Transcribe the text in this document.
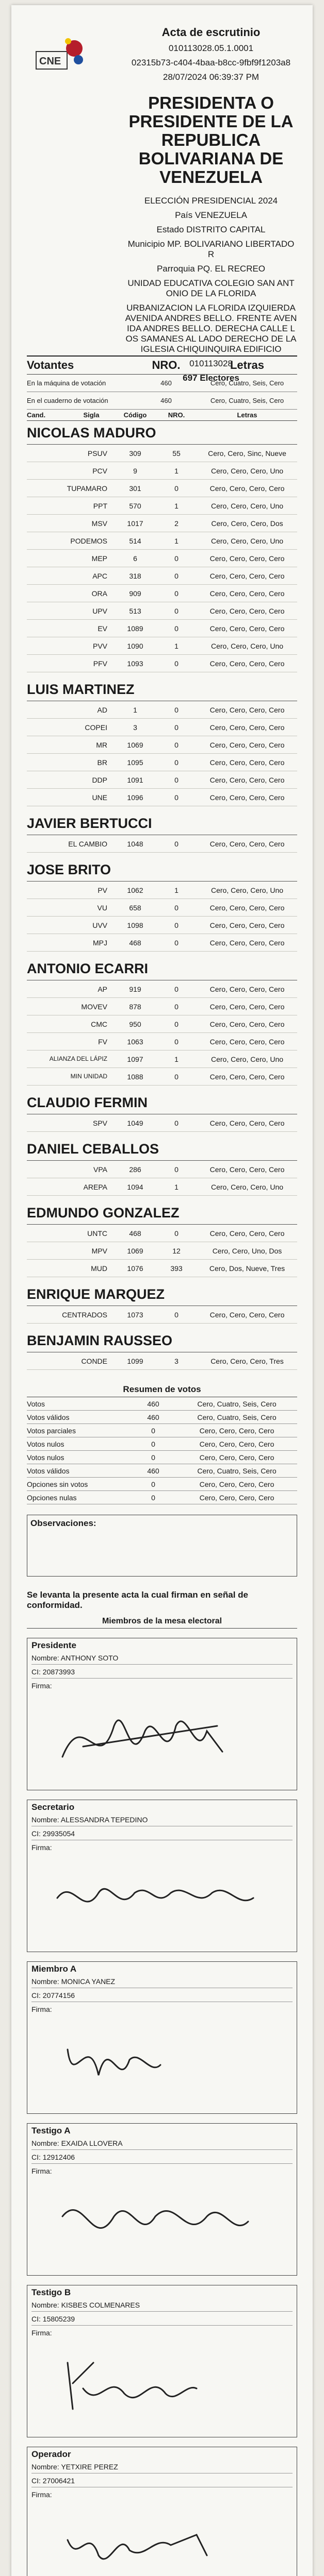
CNE
Acta de escrutinio
010113028.05.1.0001
02315b73-c404-4baa-b8cc-9fbf9f1203a8
28/07/2024 06:39:37 PM
PRESIDENTA O PRESIDENTE DE LA REPUBLICA BOLIVARIANA DE VENEZUELA
ELECCIÓN PRESIDENCIAL 2024
País VENEZUELA
Estado DISTRITO CAPITAL
Municipio MP. BOLIVARIANO LIBERTADOR
Parroquia PQ. EL RECREO
UNIDAD EDUCATIVA COLEGIO SAN ANTONIO DE LA FLORIDA
URBANIZACION LA FLORIDA IZQUIERDA AVENIDA ANDRES BELLO. FRENTE AVENIDA ANDRES BELLO. DERECHA CALLE LOS SAMANES AL LADO DERECHO DE LA IGLESIA CHIQUINQUIRA EDIFICIO
010113028
697 Electores
Votantes	NRO.	Letras
En la máquina de votación	460	Cero, Cuatro, Seis, Cero
En el cuaderno de votación	460	Cero, Cuatro, Seis, Cero
Cand.	Sigla	Código	NRO.	Letras
NICOLAS MADURO
PSUV	309	55	Cero, Cero, Sinc, Nueve
PCV	9	1	Cero, Cero, Cero, Uno
TUPAMARO	301	0	Cero, Cero, Cero, Cero
PPT	570	1	Cero, Cero, Cero, Uno
MSV	1017	2	Cero, Cero, Cero, Dos
PODEMOS	514	1	Cero, Cero, Cero, Uno
MEP	6	0	Cero, Cero, Cero, Cero
APC	318	0	Cero, Cero, Cero, Cero
ORA	909	0	Cero, Cero, Cero, Cero
UPV	513	0	Cero, Cero, Cero, Cero
EV	1089	0	Cero, Cero, Cero, Cero
PVV	1090	1	Cero, Cero, Cero, Uno
PFV	1093	0	Cero, Cero, Cero, Cero
LUIS MARTINEZ
AD	1	0	Cero, Cero, Cero, Cero
COPEI	3	0	Cero, Cero, Cero, Cero
MR	1069	0	Cero, Cero, Cero, Cero
BR	1095	0	Cero, Cero, Cero, Cero
DDP	1091	0	Cero, Cero, Cero, Cero
UNE	1096	0	Cero, Cero, Cero, Cero
JAVIER BERTUCCI
EL CAMBIO	1048	0	Cero, Cero, Cero, Cero
JOSE BRITO
PV	1062	1	Cero, Cero, Cero, Uno
VU	658	0	Cero, Cero, Cero, Cero
UVV	1098	0	Cero, Cero, Cero, Cero
MPJ	468	0	Cero, Cero, Cero, Cero
ANTONIO ECARRI
AP	919	0	Cero, Cero, Cero, Cero
MOVEV	878	0	Cero, Cero, Cero, Cero
CMC	950	0	Cero, Cero, Cero, Cero
FV	1063	0	Cero, Cero, Cero, Cero
ALIANZA DEL LÁPIZ	1097	1	Cero, Cero, Cero, Uno
MIN UNIDAD	1088	0	Cero, Cero, Cero, Cero
CLAUDIO FERMIN
SPV	1049	0	Cero, Cero, Cero, Cero
DANIEL CEBALLOS
VPA	286	0	Cero, Cero, Cero, Cero
AREPA	1094	1	Cero, Cero, Cero, Uno
EDMUNDO GONZALEZ
UNTC	468	0	Cero, Cero, Cero, Cero
MPV	1069	12	Cero, Cero, Uno, Dos
MUD	1076	393	Cero, Dos, Nueve, Tres
ENRIQUE MARQUEZ
CENTRADOS	1073	0	Cero, Cero, Cero, Cero
BENJAMIN RAUSSEO
CONDE	1099	3	Cero, Cero, Cero, Tres
Resumen de votos
Votos	460	Cero, Cuatro, Seis, Cero
Votos válidos	460	Cero, Cuatro, Seis, Cero
Votos parciales	0	Cero, Cero, Cero, Cero
Votos nulos	0	Cero, Cero, Cero, Cero
Votos nulos	0	Cero, Cero, Cero, Cero
Votos válidos	460	Cero, Cuatro, Seis, Cero
Opciones sin votos	0	Cero, Cero, Cero, Cero
Opciones nulas	0	Cero, Cero, Cero, Cero
Observaciones:
Se levanta la presente acta la cual firman en señal de conformidad.
Miembros de la mesa electoral
Presidente
Nombre: ANTHONY SOTO
CI: 20873993
Firma:
Secretario
Nombre: ALESSANDRA TEPEDINO
CI: 29935054
Firma:
Miembro A
Nombre: MONICA YANEZ
CI: 20774156
Firma:
Testigo A
Nombre: EXAIDA LLOVERA
CI: 12912406
Firma:
Testigo B
Nombre: KISBES COLMENARES
CI: 15805239
Firma:
Operador
Nombre: YETXIRE PEREZ
CI: 27006421
Firma:
